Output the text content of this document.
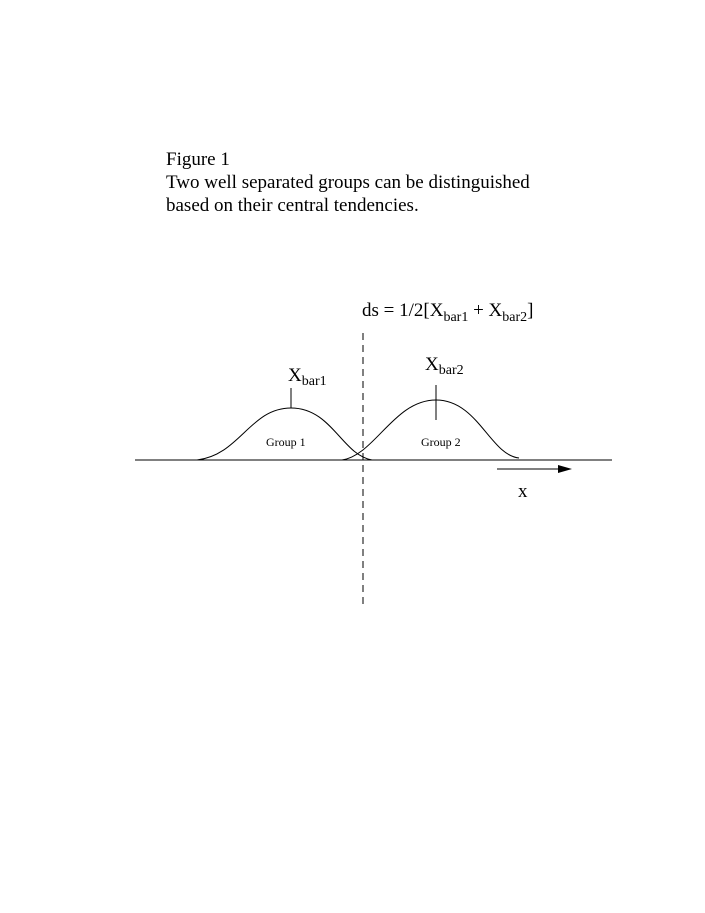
Figure 1
Two well separated groups can be distinguished
based on their central tendencies.
ds = $1/2[X_{bar1} + X_{bar2}]$
$X_{bar1}$
$X_{bar2}$
Group 1	Group 2
x
